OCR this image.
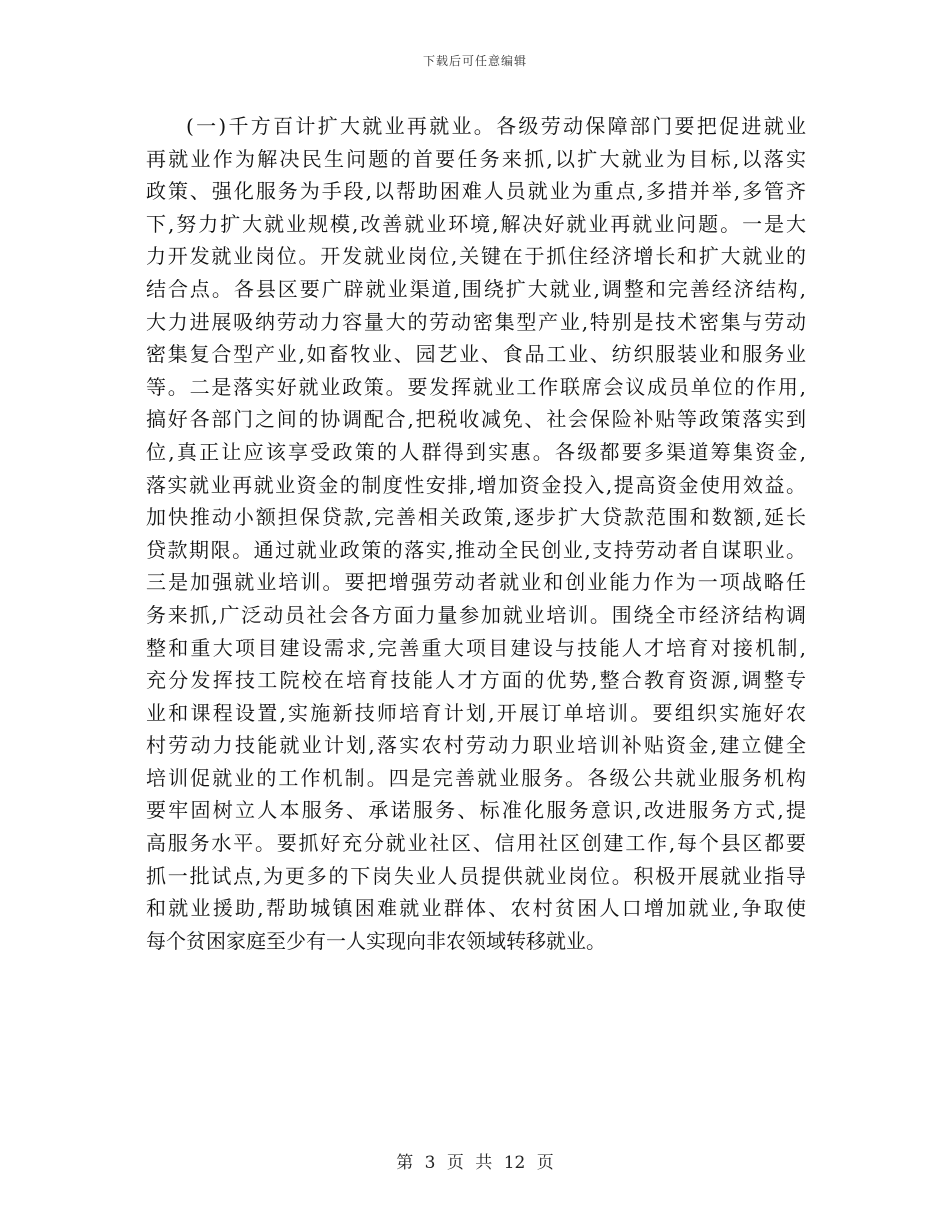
下载后可任意编辑
(一)千方百计扩大就业再就业。各级劳动保障部门要把促进就业
再就业作为解决民生问题的首要任务来抓,以扩大就业为目标,以落实
政策、强化服务为手段,以帮助困难人员就业为重点,多措并举,多管齐
下,努力扩大就业规模,改善就业环境,解决好就业再就业问题。一是大
力开发就业岗位。开发就业岗位,关键在于抓住经济增长和扩大就业的
结合点。各县区要广辟就业渠道,围绕扩大就业,调整和完善经济结构,
大力进展吸纳劳动力容量大的劳动密集型产业,特别是技术密集与劳动
密集复合型产业,如畜牧业、园艺业、食品工业、纺织服装业和服务业
等。二是落实好就业政策。要发挥就业工作联席会议成员单位的作用,
搞好各部门之间的协调配合,把税收减免、社会保险补贴等政策落实到
位,真正让应该享受政策的人群得到实惠。各级都要多渠道筹集资金,
落实就业再就业资金的制度性安排,增加资金投入,提高资金使用效益。
加快推动小额担保贷款,完善相关政策,逐步扩大贷款范围和数额,延长
贷款期限。通过就业政策的落实,推动全民创业,支持劳动者自谋职业。
三是加强就业培训。要把增强劳动者就业和创业能力作为一项战略任
务来抓,广泛动员社会各方面力量参加就业培训。围绕全市经济结构调
整和重大项目建设需求,完善重大项目建设与技能人才培育对接机制,
充分发挥技工院校在培育技能人才方面的优势,整合教育资源,调整专
业和课程设置,实施新技师培育计划,开展订单培训。要组织实施好农
村劳动力技能就业计划,落实农村劳动力职业培训补贴资金,建立健全
培训促就业的工作机制。四是完善就业服务。各级公共就业服务机构
要牢固树立人本服务、承诺服务、标准化服务意识,改进服务方式,提
高服务水平。要抓好充分就业社区、信用社区创建工作,每个县区都要
抓一批试点,为更多的下岗失业人员提供就业岗位。积极开展就业指导
和就业援助,帮助城镇困难就业群体、农村贫困人口增加就业,争取使
每个贫困家庭至少有一人实现向非农领域转移就业。
第 3 页 共 12 页
